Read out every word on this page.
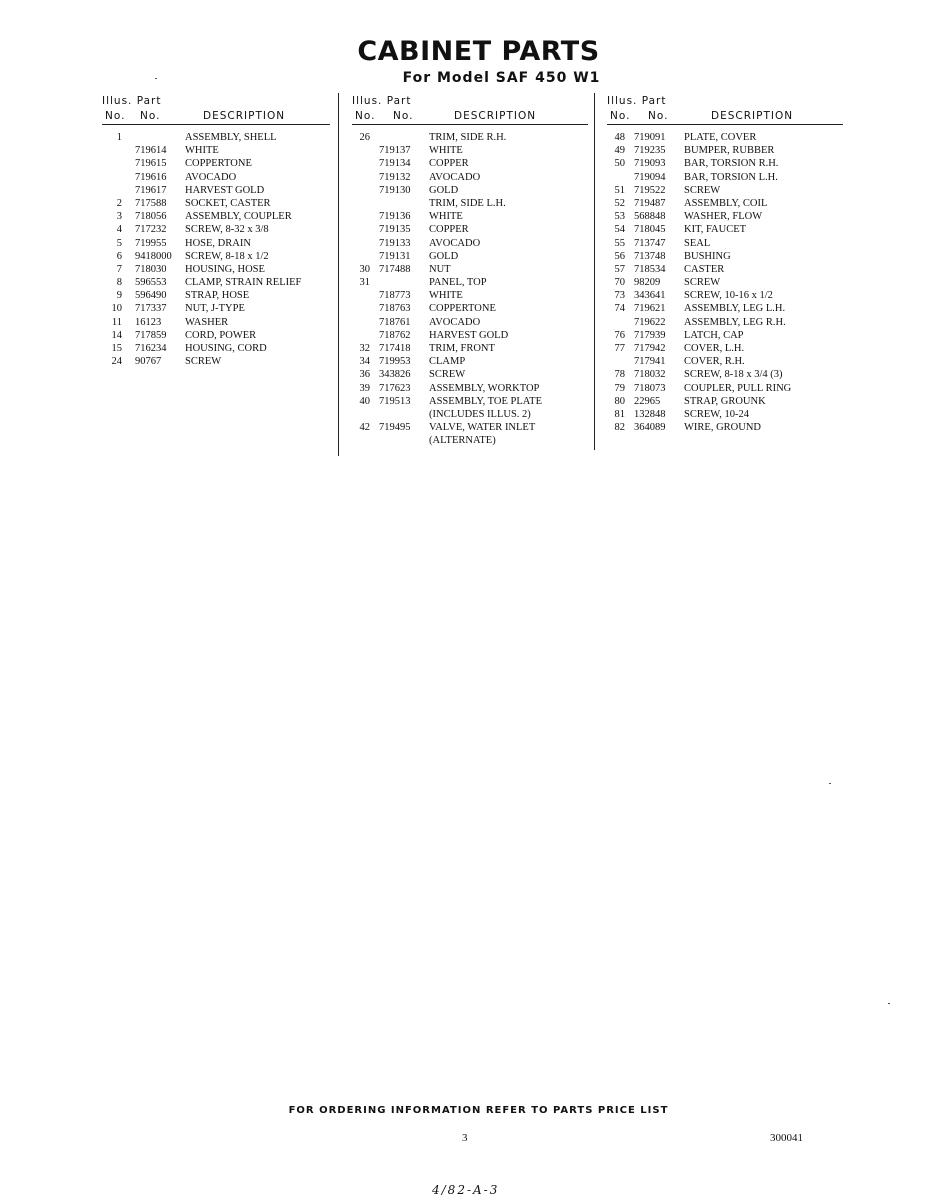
CABINET PARTS
For Model SAF 450 W1
Illus. Part
No. No.	DESCRIPTION
1	ASSEMBLY, SHELL
719614 WHITE
719615 COPPERTONE
719616 AVOCADO
719617 HARVEST GOLD
2 717588 SOCKET, CASTER
3 718056 ASSEMBLY, COUPLER
4 717232 SCREW, 8-32 x 3/8
5 719955 HOSE, DRAIN
6 9418000 SCREW, 8-18 x 1/2
7 718030 HOUSING, HOSE
8 596553 CLAMP, STRAIN RELIEF
9 596490 STRAP, HOSE
10 717337 NUT, J-TYPE
11 16123 WASHER
14 717859 CORD, POWER
15 716234 HOUSING, CORD
24 90767 SCREW
Illus. Part
No. No.	DESCRIPTION
26	TRIM, SIDE R.H.
719137 WHITE
719134 COPPER
719132 AVOCADO
719130 GOLD
TRIM, SIDE L.H.
719136 WHITE
719135 COPPER
719133 AVOCADO
719131 GOLD
30 717488 NUT
31	PANEL, TOP
718773 WHITE
718763 COPPERTONE
718761 AVOCADO
718762 HARVEST GOLD
32 717418 TRIM, FRONT
34 719953 CLAMP
36 343826 SCREW
39 717623 ASSEMBLY, WORKTOP
40 719513 ASSEMBLY, TOE PLATE
(INCLUDES ILLUS. 2)
42 719495 VALVE, WATER INLET
(ALTERNATE)
Illus. Part
No. No.	DESCRIPTION
48 719091 PLATE, COVER
49 719235 BUMPER, RUBBER
50 719093 BAR, TORSION R.H.
719094 BAR, TORSION L.H.
51 719522 SCREW
52 719487 ASSEMBLY, COIL
53 568848 WASHER, FLOW
54 718045 KIT, FAUCET
55 713747 SEAL
56 713748 BUSHING
57 718534 CASTER
70 98209 SCREW
73 343641 SCREW, 10-16 x 1/2
74 719621 ASSEMBLY, LEG L.H.
719622 ASSEMBLY, LEG R.H.
76 717939 LATCH, CAP
77 717942 COVER, L.H.
717941 COVER, R.H.
78 718032 SCREW, 8-18 x 3/4 (3)
79 718073 COUPLER, PULL RING
80 22965 STRAP, GROUNK
81 132848 SCREW, 10-24
82 364089 WIRE, GROUND
FOR ORDERING INFORMATION REFER TO PARTS PRICE LIST
3	300041
4/82-A-3
